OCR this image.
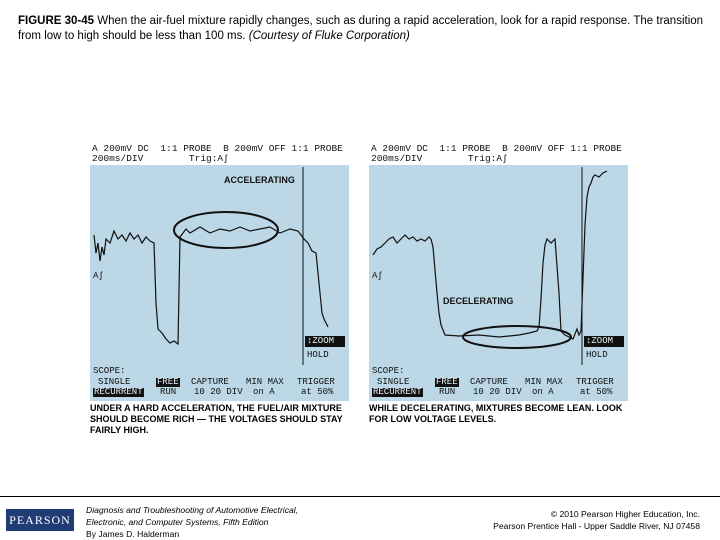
FIGURE 30-45 When the air-fuel mixture rapidly changes, such as during a rapid acceleration, look for a rapid response. The transition from low to high should be less than 100 ms. (Courtesy of Fluke Corporation)
A 200mV DC  1:1 PROBE  B 200mV OFF 1:1 PROBE
200ms/DIV        Trig:Aʃ
ACCELERATING
Aʃ
↕ZOOM
HOLD
SCOPE:
SINGLE
RECURRENT
FREE
RUN
CAPTURE
10 20 DIV
MIN MAX
on A
TRIGGER
at 50%
A 200mV DC  1:1 PROBE  B 200mV OFF 1:1 PROBE
200ms/DIV        Trig:Aʃ
DECELERATING
Aʃ
↕ZOOM
HOLD
SCOPE:
SINGLE
RECURRENT
FREE
RUN
CAPTURE
10 20 DIV
MIN MAX
on A
TRIGGER
at 50%
UNDER A HARD ACCELERATION, THE FUEL/AIR MIXTURE SHOULD BECOME RICH — THE VOLTAGES SHOULD STAY FAIRLY HIGH.
WHILE DECELERATING, MIXTURES BECOME LEAN. LOOK FOR LOW VOLTAGE LEVELS.
PEARSON
Diagnosis and Troubleshooting of Automotive Electrical,
Electronic, and Computer Systems, Fifth Edition
By James D. Halderman
© 2010 Pearson Higher Education, Inc.
Pearson Prentice Hall - Upper Saddle River, NJ 07458
